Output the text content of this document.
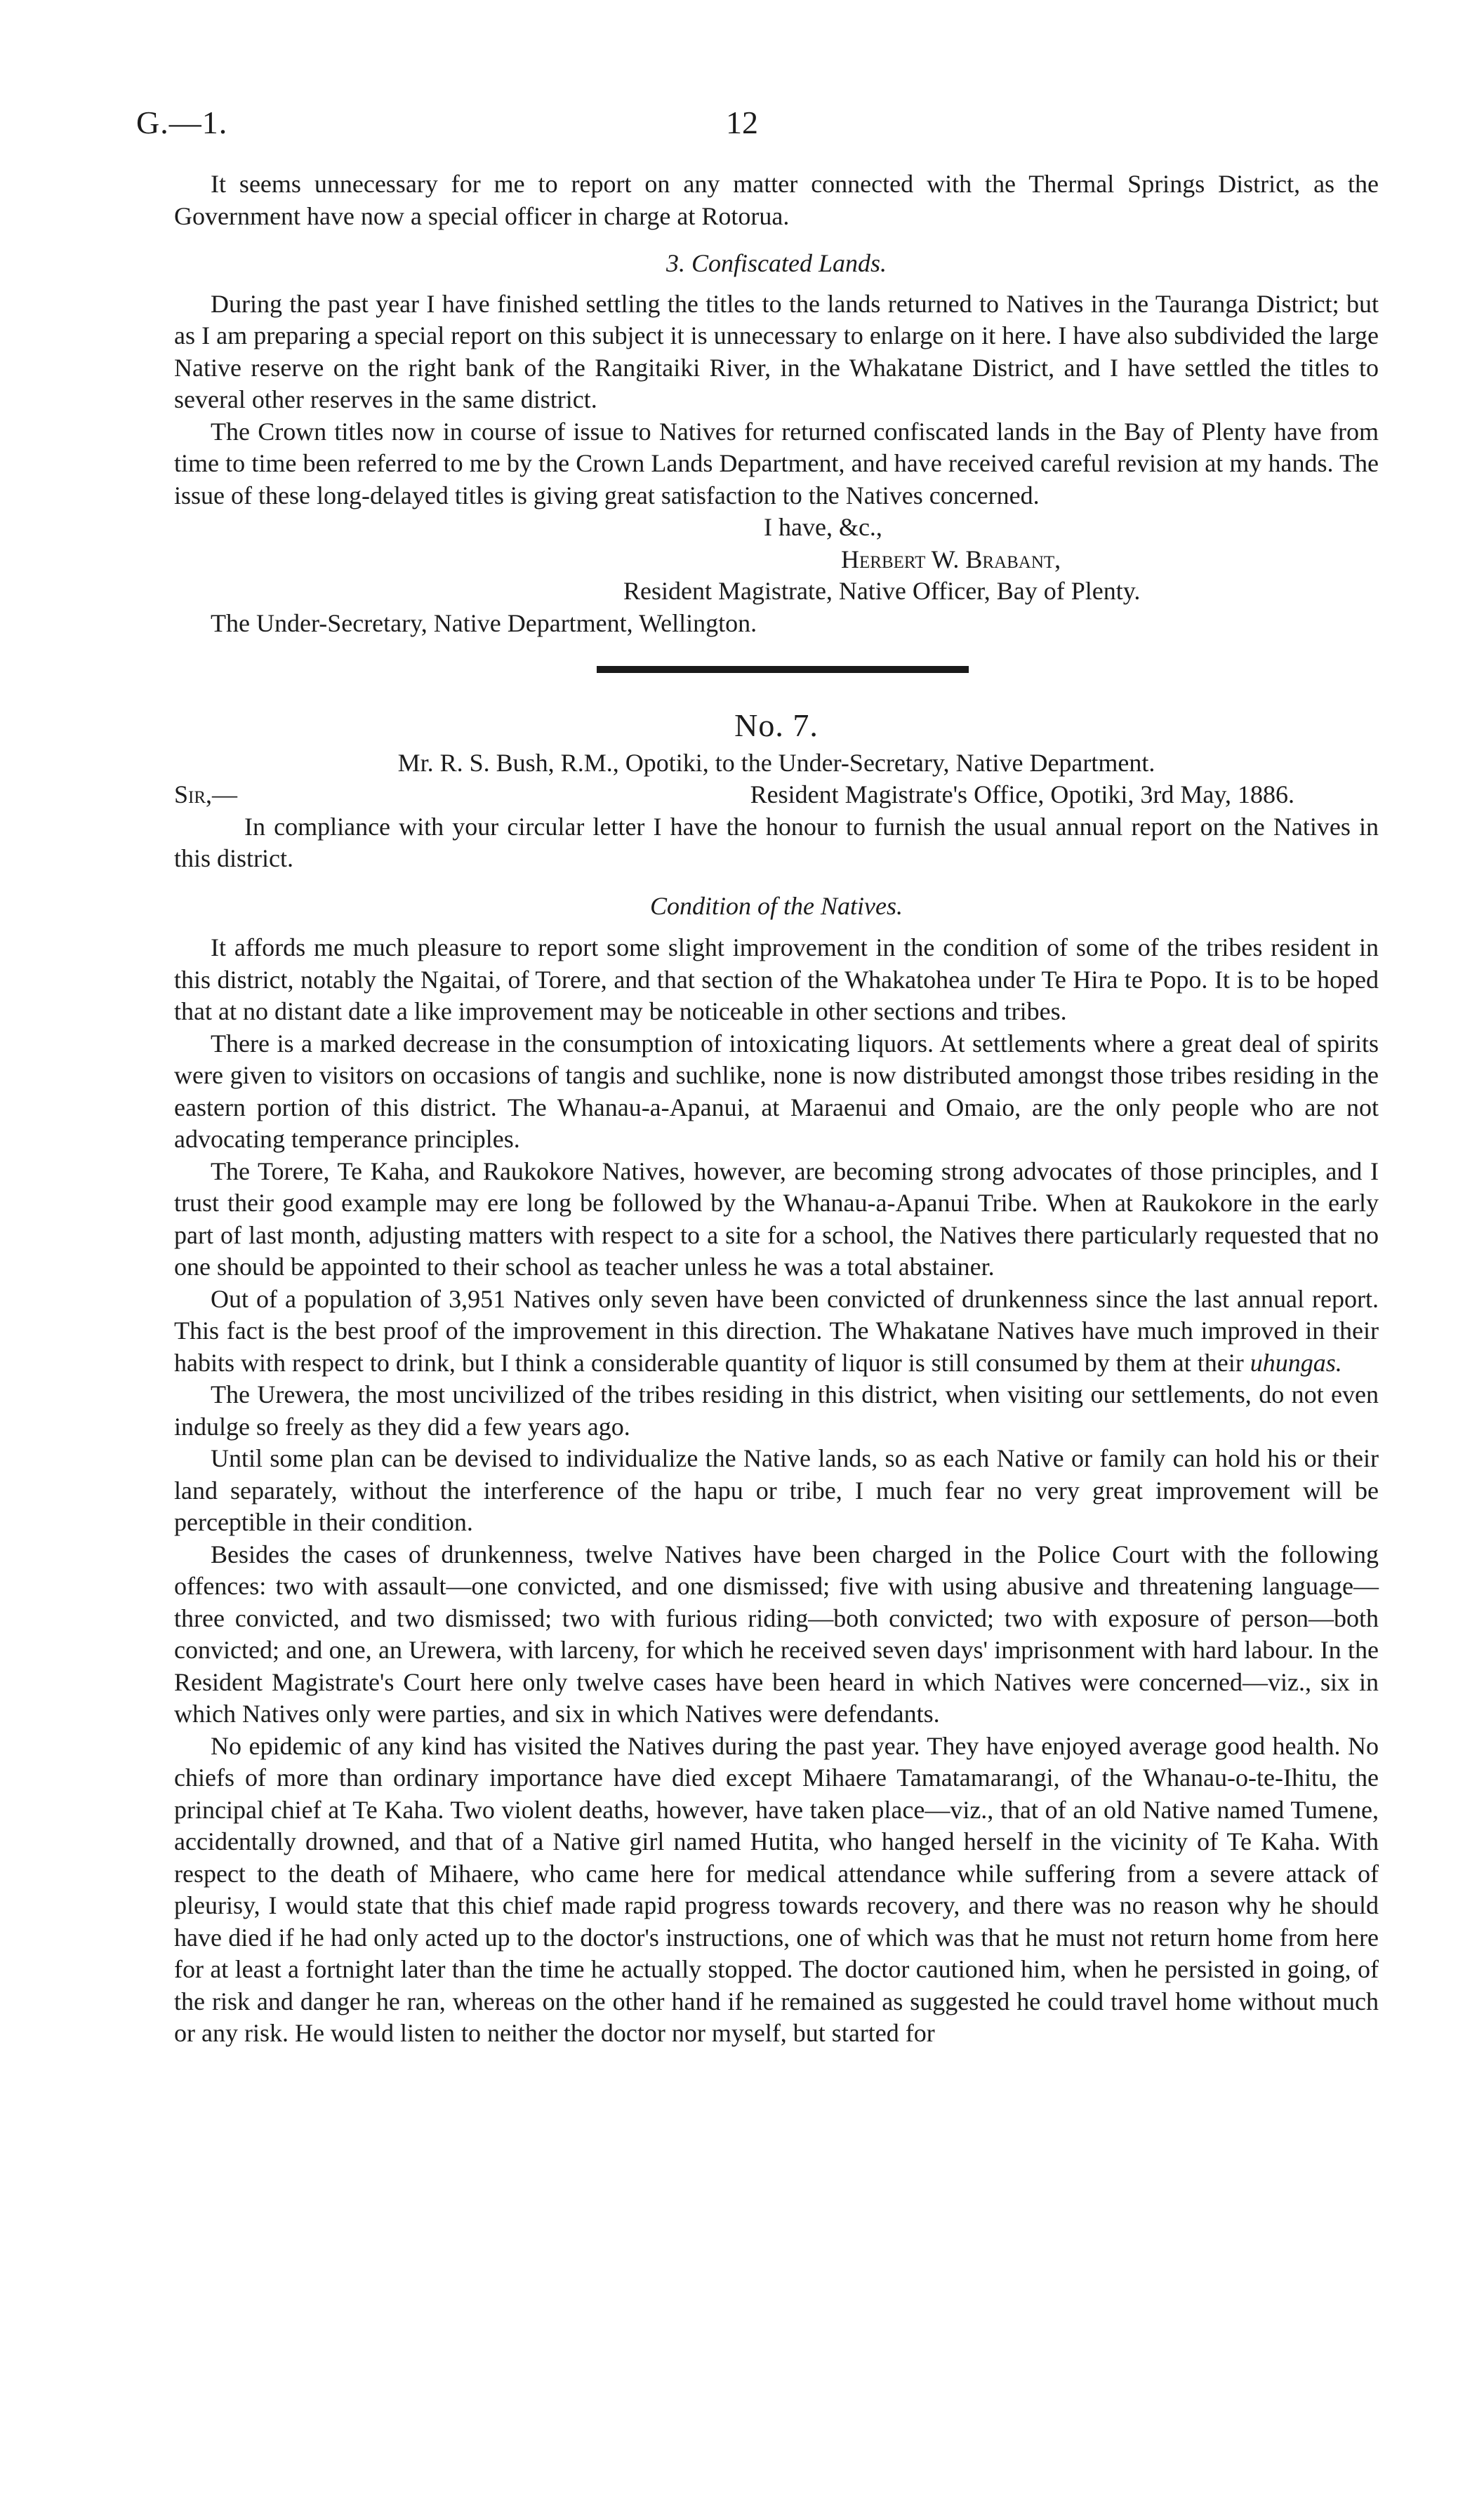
G.—1.	12

It seems unnecessary for me to report on any matter connected with the Thermal Springs District, as the Government have now a special officer in charge at Rotorua.

3. Confiscated Lands.

During the past year I have finished settling the titles to the lands returned to Natives in the Tauranga District; but as I am preparing a special report on this subject it is unnecessary to enlarge on it here. I have also subdivided the large Native reserve on the right bank of the Rangitaiki River, in the Whakatane District, and I have settled the titles to several other reserves in the same district.

The Crown titles now in course of issue to Natives for returned confiscated lands in the Bay of Plenty have from time to time been referred to me by the Crown Lands Department, and have received careful revision at my hands. The issue of these long-delayed titles is giving great satisfaction to the Natives concerned.

I have, &c.,
Herbert W. Brabant,
Resident Magistrate, Native Officer, Bay of Plenty.
The Under-Secretary, Native Department, Wellington.

No. 7.

Mr. R. S. Bush, R.M., Opotiki, to the Under-Secretary, Native Department.

Sir,—	Resident Magistrate's Office, Opotiki, 3rd May, 1886.

In compliance with your circular letter I have the honour to furnish the usual annual report on the Natives in this district.

Condition of the Natives.

It affords me much pleasure to report some slight improvement in the condition of some of the tribes resident in this district, notably the Ngaitai, of Torere, and that section of the Whakatohea under Te Hira te Popo. It is to be hoped that at no distant date a like improvement may be noticeable in other sections and tribes.

There is a marked decrease in the consumption of intoxicating liquors. At settlements where a great deal of spirits were given to visitors on occasions of tangis and suchlike, none is now distributed amongst those tribes residing in the eastern portion of this district. The Whanau-a-Apanui, at Maraenui and Omaio, are the only people who are not advocating temperance principles.

The Torere, Te Kaha, and Raukokore Natives, however, are becoming strong advocates of those principles, and I trust their good example may ere long be followed by the Whanau-a-Apanui Tribe. When at Raukokore in the early part of last month, adjusting matters with respect to a site for a school, the Natives there particularly requested that no one should be appointed to their school as teacher unless he was a total abstainer.

Out of a population of 3,951 Natives only seven have been convicted of drunkenness since the last annual report. This fact is the best proof of the improvement in this direction. The Whakatane Natives have much improved in their habits with respect to drink, but I think a considerable quantity of liquor is still consumed by them at their uhungas.

The Urewera, the most uncivilized of the tribes residing in this district, when visiting our settlements, do not even indulge so freely as they did a few years ago.

Until some plan can be devised to individualize the Native lands, so as each Native or family can hold his or their land separately, without the interference of the hapu or tribe, I much fear no very great improvement will be perceptible in their condition.

Besides the cases of drunkenness, twelve Natives have been charged in the Police Court with the following offences: two with assault—one convicted, and one dismissed; five with using abusive and threatening language—three convicted, and two dismissed; two with furious riding—both convicted; two with exposure of person—both convicted; and one, an Urewera, with larceny, for which he received seven days' imprisonment with hard labour. In the Resident Magistrate's Court here only twelve cases have been heard in which Natives were concerned—viz., six in which Natives only were parties, and six in which Natives were defendants.

No epidemic of any kind has visited the Natives during the past year. They have enjoyed average good health. No chiefs of more than ordinary importance have died except Mihaere Tamatamarangi, of the Whanau-o-te-Ihitu, the principal chief at Te Kaha. Two violent deaths, however, have taken place—viz., that of an old Native named Tumene, accidentally drowned, and that of a Native girl named Hutita, who hanged herself in the vicinity of Te Kaha. With respect to the death of Mihaere, who came here for medical attendance while suffering from a severe attack of pleurisy, I would state that this chief made rapid progress towards recovery, and there was no reason why he should have died if he had only acted up to the doctor's instructions, one of which was that he must not return home from here for at least a fortnight later than the time he actually stopped. The doctor cautioned him, when he persisted in going, of the risk and danger he ran, whereas on the other hand if he remained as suggested he could travel home without much or any risk. He would listen to neither the doctor nor myself, but started for
